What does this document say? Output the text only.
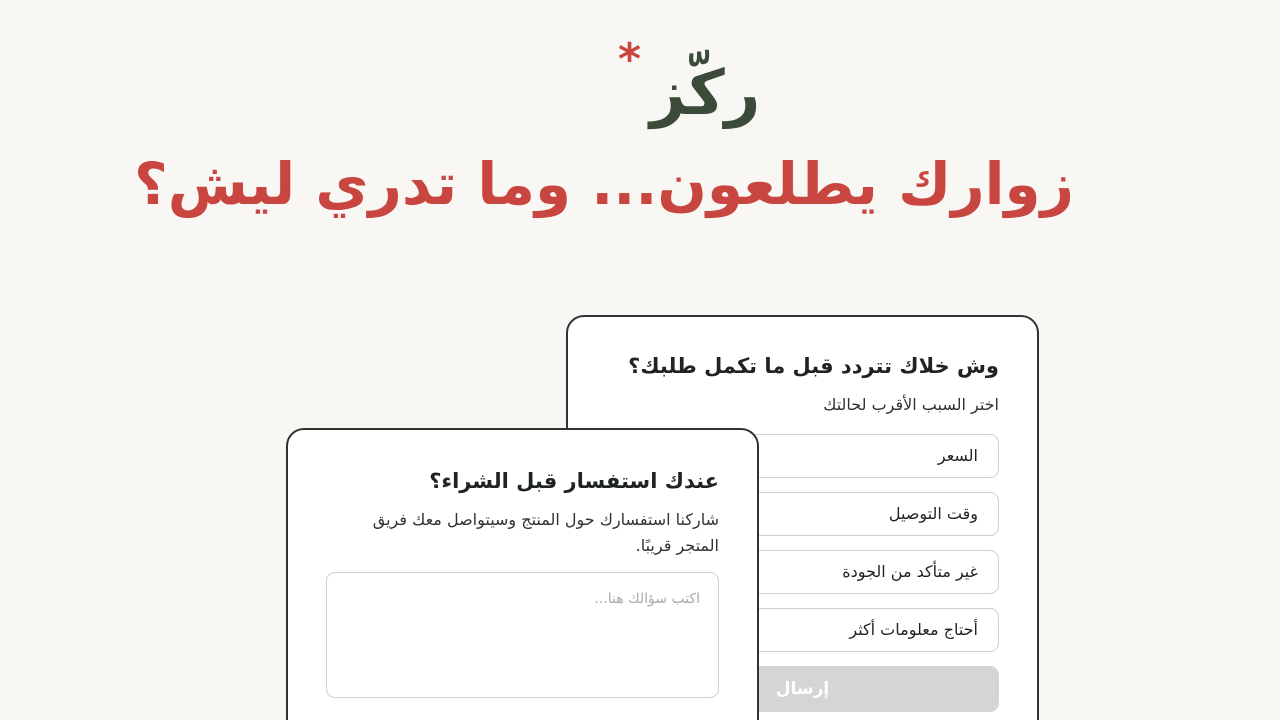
* ركّز
زوارك يطلعون... وما تدري ليش؟
وش خلاك تتردد قبل ما تكمل طلبك؟

اختر السبب الأقرب لحالتك

السعر
وقت التوصيل
غير متأكد من الجودة
أحتاج معلومات أكثر
إرسال
عندك استفسار قبل الشراء؟

شاركنا استفسارك حول المنتج وسيتواصل معك فريق المتجر قريبًا.

اكتب سؤالك هنا...
